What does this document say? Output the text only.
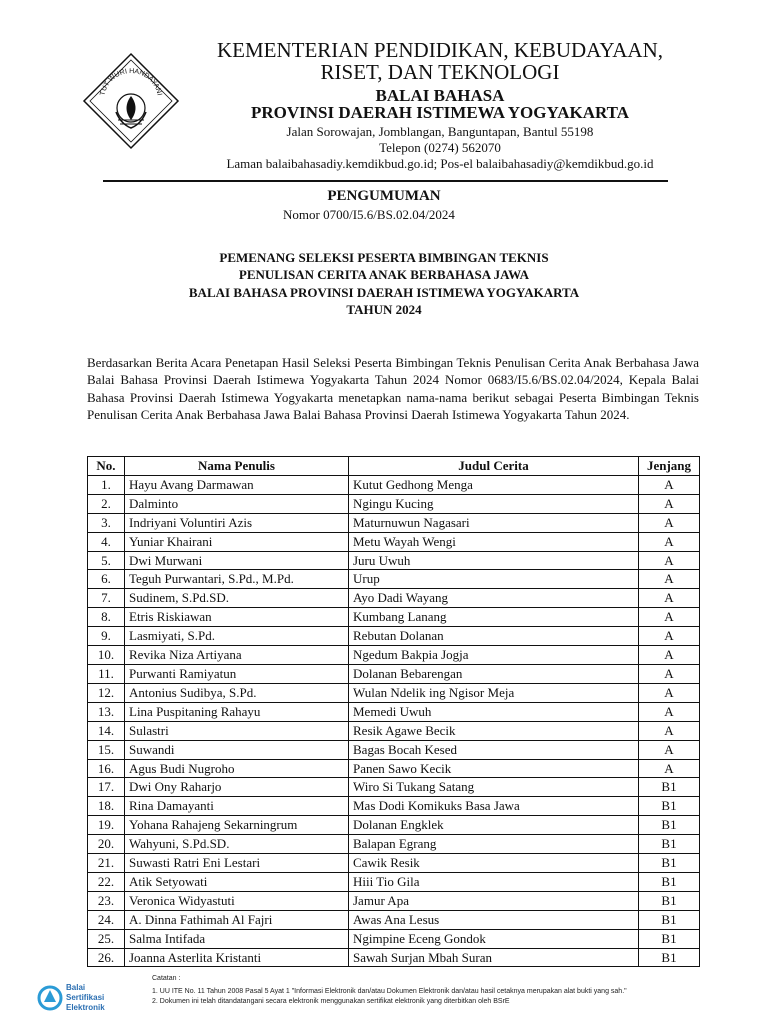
TUT WURI HANDAYANI
KEMENTERIAN PENDIDIKAN, KEBUDAYAAN,
RISET, DAN TEKNOLOGI
BALAI BAHASA
PROVINSI DAERAH ISTIMEWA YOGYAKARTA
Jalan Sorowajan, Jomblangan, Banguntapan, Bantul 55198
Telepon (0274) 562070
Laman balaibahasadiy.kemdikbud.go.id; Pos-el balaibahasadiy@kemdikbud.go.id
PENGUMUMAN
Nomor 0700/I5.6/BS.02.04/2024
PEMENANG SELEKSI PESERTA BIMBINGAN TEKNIS
PENULISAN CERITA ANAK BERBAHASA JAWA
BALAI BAHASA PROVINSI DAERAH ISTIMEWA YOGYAKARTA
TAHUN 2024
Berdasarkan Berita Acara Penetapan Hasil Seleksi Peserta Bimbingan Teknis Penulisan Cerita Anak Berbahasa Jawa Balai Bahasa Provinsi Daerah Istimewa Yogyakarta Tahun 2024 Nomor 0683/I5.6/BS.02.04/2024, Kepala Balai Bahasa Provinsi Daerah Istimewa Yogyakarta menetapkan nama-nama berikut sebagai Peserta Bimbingan Teknis Penulisan Cerita Anak Berbahasa Jawa Balai Bahasa Provinsi Daerah Istimewa Yogyakarta Tahun 2024.
No.	Nama Penulis	Judul Cerita	Jenjang
1.	Hayu Avang Darmawan	Kutut Gedhong Menga	A
2.	Dalminto	Ngingu Kucing	A
3.	Indriyani Voluntiri Azis	Maturnuwun Nagasari	A
4.	Yuniar Khairani	Metu Wayah Wengi	A
5.	Dwi Murwani	Juru Uwuh	A
6.	Teguh Purwantari, S.Pd., M.Pd.	Urup	A
7.	Sudinem, S.Pd.SD.	Ayo Dadi Wayang	A
8.	Etris Riskiawan	Kumbang Lanang	A
9.	Lasmiyati, S.Pd.	Rebutan Dolanan	A
10.	Revika Niza Artiyana	Ngedum Bakpia Jogja	A
11.	Purwanti Ramiyatun	Dolanan Bebarengan	A
12.	Antonius Sudibya, S.Pd.	Wulan Ndelik ing Ngisor Meja	A
13.	Lina Puspitaning Rahayu	Memedi Uwuh	A
14.	Sulastri	Resik Agawe Becik	A
15.	Suwandi	Bagas Bocah Kesed	A
16.	Agus Budi Nugroho	Panen Sawo Kecik	A
17.	Dwi Ony Raharjo	Wiro Si Tukang Satang	B1
18.	Rina Damayanti	Mas Dodi Komikuks Basa Jawa	B1
19.	Yohana Rahajeng Sekarningrum	Dolanan Engklek	B1
20.	Wahyuni, S.Pd.SD.	Balapan Egrang	B1
21.	Suwasti Ratri Eni Lestari	Cawik Resik	B1
22.	Atik Setyowati	Hiii Tio Gila	B1
23.	Veronica Widyastuti	Jamur Apa	B1
24.	A. Dinna Fathimah Al Fajri	Awas Ana Lesus	B1
25.	Salma Intifada	Ngimpine Eceng Gondok	B1
26.	Joanna Asterlita Kristanti	Sawah Surjan Mbah Suran	B1
Balai
Sertifikasi
Elektronik
Catatan :
1. UU ITE No. 11 Tahun 2008 Pasal 5 Ayat 1 "Informasi Elektronik dan/atau Dokumen Elektronik dan/atau hasil cetaknya merupakan alat bukti yang sah."
2. Dokumen ini telah ditandatangani secara elektronik menggunakan sertifikat elektronik yang diterbitkan oleh BSrE
